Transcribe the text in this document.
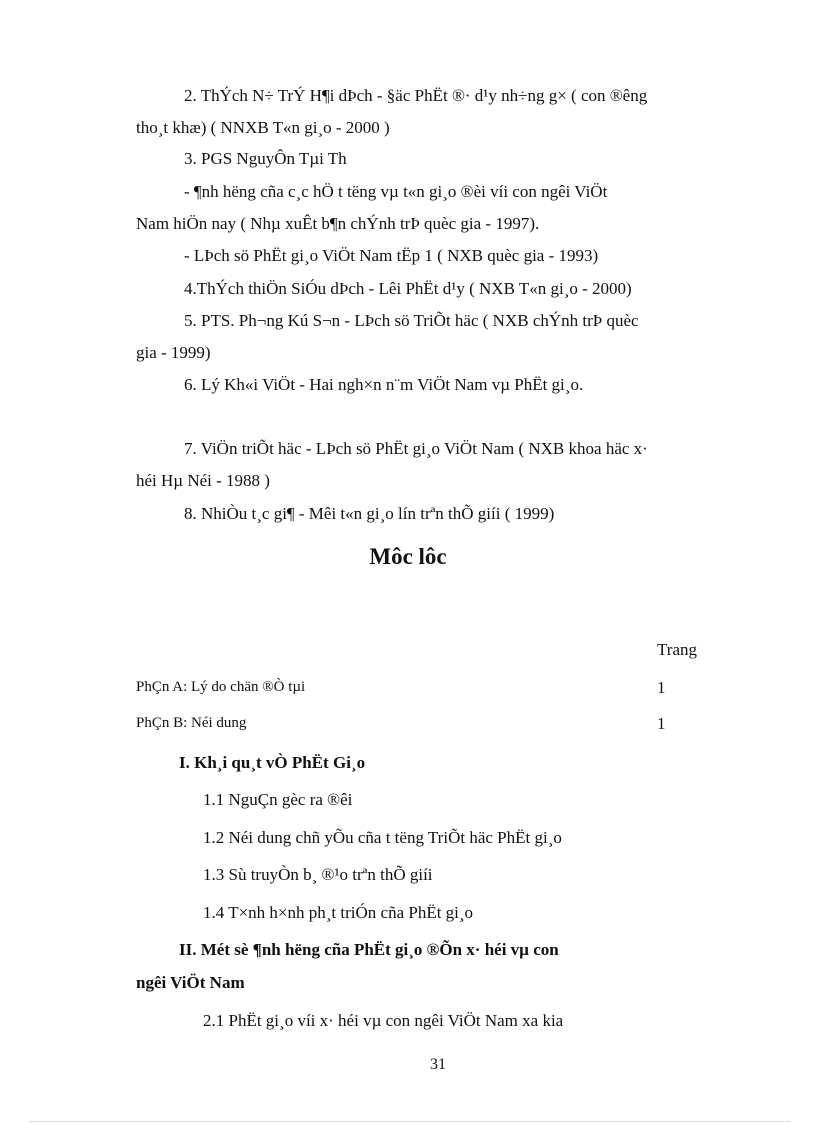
2. ThÝch N÷ TrÝ H¶i dÞch - §äc PhËt ®· d¹y nh÷ng g× ( con ®êng
tho¸t khæ) ( NNXB T«n gi¸o - 2000 )
3. PGS NguyÔn Tµi Th
- ¶nh hëng cña c¸c hÖ t tëng vµ t«n gi¸o ®èi víi con ngêi ViÖt
Nam hiÖn nay ( Nhµ xuÊt b¶n chÝnh trÞ quèc gia - 1997).
- LÞch sö PhËt gi¸o ViÖt Nam tËp 1 ( NXB quèc gia - 1993)
4.ThÝch thiÖn SiÓu dÞch - Lêi PhËt d¹y ( NXB T«n gi¸o - 2000)
5. PTS. Ph¬ng Kú S¬n - LÞch sö TriÕt häc ( NXB chÝnh trÞ quèc
gia - 1999)
6. Lý Kh«i ViÖt - Hai ngh×n n¨m ViÖt Nam vµ PhËt gi¸o.
7. ViÖn triÕt häc - LÞch sö PhËt gi¸o ViÖt Nam ( NXB khoa häc x·
héi Hµ Néi - 1988 )
8. NhiÒu t¸c gi¶ - Mêi t«n gi¸o lín trªn thÕ giíi ( 1999)
Môc lôc
Trang
PhÇn A: Lý do chän ®Ò tµi	1
PhÇn B: Néi dung	1
I. Kh¸i qu¸t vÒ PhËt Gi¸o
1.1 NguÇn gèc ra ®êi
1.2 Néi dung chñ yÕu cña t tëng TriÕt häc PhËt gi¸o
1.3 Sù truyÒn b¸ ®¹o trªn thÕ giíi
1.4 T×nh h×nh ph¸t triÓn cña PhËt gi¸o
II. Mét sè ¶nh hëng cña PhËt gi¸o ®Õn x· héi vµ con
ngêi ViÖt Nam
2.1 PhËt gi¸o víi x· héi vµ con ngêi ViÖt Nam xa kia
31
